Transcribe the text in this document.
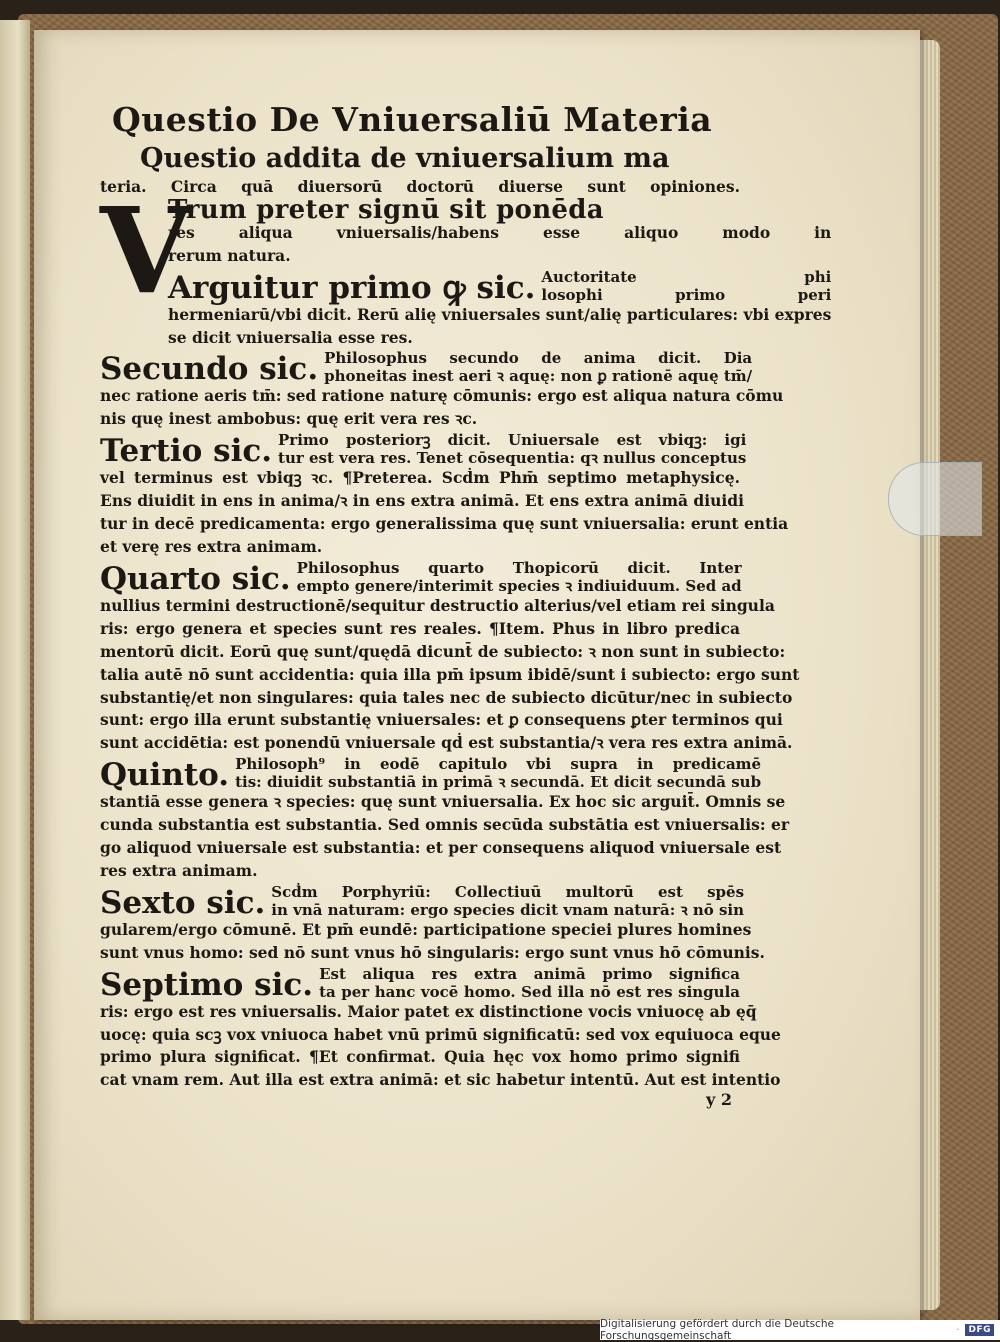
Questio De Vniuersaliū Materia
Questio addita de vniuersalium ma
teria. Circa quā diuersorū doctorū diuerse sunt opiniones.
V
Trum preter signū sit ponēda
res aliqua vniuersalis/habens esse aliquo modo in
rerum natura.
Arguitur primo ꝙ sic. Auctoritate phi
losophi primo peri
hermeniarū/vbi dicit. Rerū alię vniuersales sunt/alię particulares: vbi expres
se dicit vniuersalia esse res.
Secundo sic. Philosophus secundo de anima dicit. Dia
phoneitas inest aeri ꝛ aquę: non ꝑ rationē aquę tm̄/
nec ratione aeris tm̄: sed ratione naturę cōmunis: ergo est aliqua natura cōmu
nis quę inest ambobus: quę erit vera res ꝛc.
Tertio sic. Primo posteriorꝫ dicit. Uniuersale est vbiqꝫ: igi
tur est vera res. Tenet cōsequentia: qꝛ nullus conceptus
vel terminus est vbiqꝫ ꝛc. ¶Preterea. Scḋm Phm̄ septimo metaphysicę.
Ens diuidit in ens in anima/ꝛ in ens extra animā. Et ens extra animā diuidi
tur in decē predicamenta: ergo generalissima quę sunt vniuersalia: erunt entia
et verę res extra animam.
Quarto sic. Philosophus quarto Thopicorū dicit. Inter
empto genere/interimit species ꝛ indiuiduum. Sed ad
nullius termini destructionē/sequitur destructio alterius/vel etiam rei singula
ris: ergo genera et species sunt res reales. ¶Item. Phus in libro predica
mentorū dicit. Eorū quę sunt/quędā dicunt̄ de subiecto: ꝛ non sunt in subiecto:
talia autē nō sunt accidentia: quia illa pm̄ ipsum ibidē/sunt i subiecto: ergo sunt
substantię/et non singulares: quia tales nec de subiecto dicūtur/nec in subiecto
sunt: ergo illa erunt substantię vniuersales: et ꝑ consequens ꝑter terminos qui
sunt accidētia: est ponendū vniuersale qḋ est substantia/ꝛ vera res extra animā.
Quinto. Philosoph⁹ in eodē capitulo vbi supra in predicamē
tis: diuidit substantiā in primā ꝛ secundā. Et dicit secundā sub
stantiā esse genera ꝛ species: quę sunt vniuersalia. Ex hoc sic arguit̄. Omnis se
cunda substantia est substantia. Sed omnis secūda substātia est vniuersalis: er
go aliquod vniuersale est substantia: et per consequens aliquod vniuersale est
res extra animam.
Sexto sic. Scḋm Porphyriū: Collectiuū multorū est spēs
in vnā naturam: ergo species dicit vnam naturā: ꝛ nō sin
gularem/ergo cōmunē. Et pm̄ eundē: participatione speciei plures homines
sunt vnus homo: sed nō sunt vnus hō singularis: ergo sunt vnus hō cōmunis.
Septimo sic. Est aliqua res extra animā primo significa
ta per hanc vocē homo. Sed illa nō est res singula
ris: ergo est res vniuersalis. Maior patet ex distinctione vocis vniuocę ab ęq̄
uocę: quia scꝫ vox vniuoca habet vnū primū significatū: sed vox equiuoca eque
primo plura significat. ¶Et confirmat. Quia hęc vox homo primo signifi
cat vnam rem. Aut illa est extra animā: et sic habetur intentū. Aut est intentio
y 2
Digitalisierung gefördert durch die Deutsche Forschungsgemeinschaft	·	DFG
